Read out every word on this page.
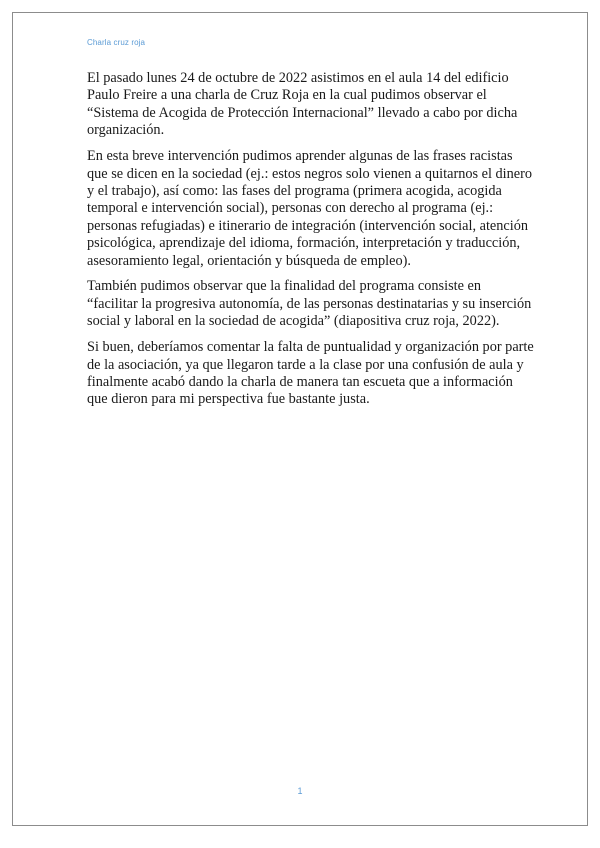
Charla cruz roja

El pasado lunes 24 de octubre de 2022 asistimos en el aula 14 del edificio Paulo Freire a una charla de Cruz Roja en la cual pudimos observar el “Sistema de Acogida de Protección Internacional” llevado a cabo por dicha organización.

En esta breve intervención pudimos aprender algunas de las frases racistas que se dicen en la sociedad (ej.: estos negros solo vienen a quitarnos el dinero y el trabajo), así como: las fases del programa (primera acogida, acogida temporal e intervención social), personas con derecho al programa (ej.: personas refugiadas) e itinerario de integración (intervención social, atención psicológica, aprendizaje del idioma, formación, interpretación y traducción, asesoramiento legal, orientación y búsqueda de empleo).

También pudimos observar que la finalidad del programa consiste en “facilitar la progresiva autonomía, de las personas destinatarias y su inserción social y laboral en la sociedad de acogida” (diapositiva cruz roja, 2022).

Si buen, deberíamos comentar la falta de puntualidad y organización por parte de la asociación, ya que llegaron tarde a la clase por una confusión de aula y finalmente acabó dando la charla de manera tan escueta que a información que dieron para mi perspectiva fue bastante justa.

1
